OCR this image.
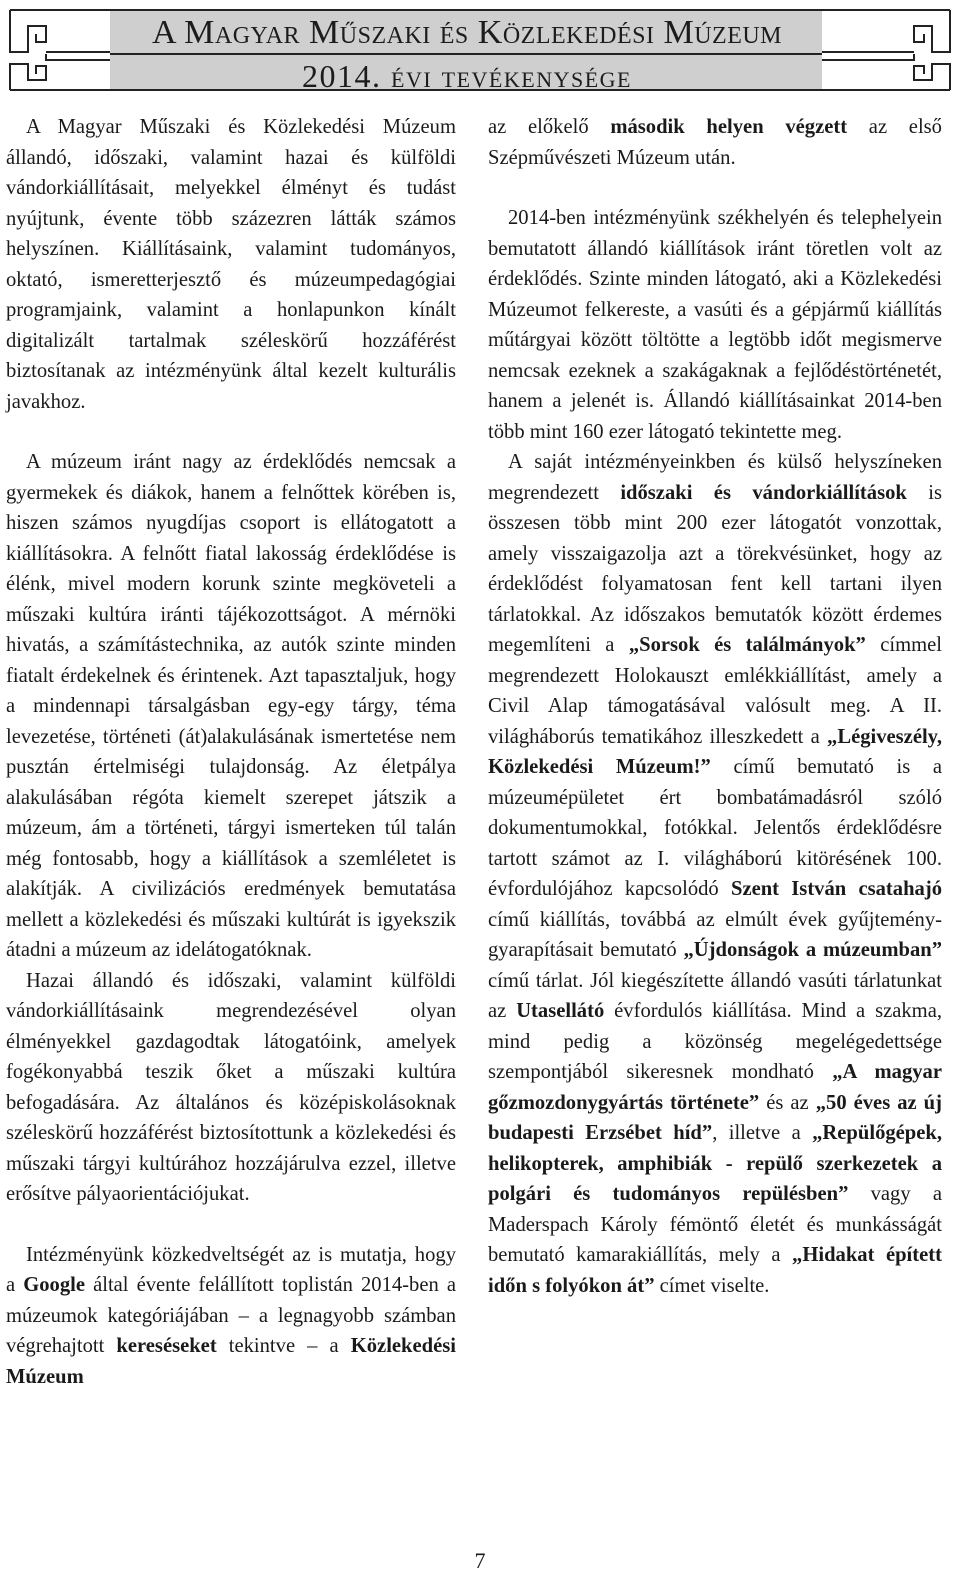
A Magyar Műszaki és Közlekedési Múzeum
2014. évi tevékenysége

A Magyar Műszaki és Közlekedési Múzeum állandó, időszaki, valamint hazai és külföldi vándorkiállításait, melyekkel élményt és tudást nyújtunk, évente több százezren látták számos helyszínen. Kiállításaink, valamint tudományos, oktató, ismeretterjesztő és múzeumpedagógiai programjaink, valamint a honlapunkon kínált digitalizált tartalmak széleskörű hozzáférést biztosítanak az intézményünk által kezelt kulturális javakhoz.

A múzeum iránt nagy az érdeklődés nemcsak a gyermekek és diákok, hanem a felnőttek körében is, hiszen számos nyugdíjas csoport is ellátogatott a kiállításokra. A felnőtt fiatal lakosság érdeklődése is élénk, mivel modern korunk szinte megköveteli a műszaki kultúra iránti tájékozottságot. A mérnöki hivatás, a számítástechnika, az autók szinte minden fiatalt érdekelnek és érintenek. Azt tapasztaljuk, hogy a mindennapi társalgásban egy-egy tárgy, téma levezetése, történeti (át)alakulásának ismertetése nem pusztán értelmiségi tulajdonság. Az életpálya alakulásában régóta kiemelt szerepet játszik a múzeum, ám a történeti, tárgyi ismerteken túl talán még fontosabb, hogy a kiállítások a szemléletet is alakítják. A civilizációs eredmények bemutatása mellett a közlekedési és műszaki kultúrát is igyekszik átadni a múzeum az idelátogatóknak.

Hazai állandó és időszaki, valamint külföldi vándorkiállításaink megrendezésével olyan élményekkel gazdagodtak látogatóink, amelyek fogékonyabbá teszik őket a műszaki kultúra befogadására. Az általános és középiskolásoknak széleskörű hozzáférést biztosítottunk a közlekedési és műszaki tárgyi kultúrához hozzájárulva ezzel, illetve erősítve pályaorientációjukat.

Intézményünk közkedveltségét az is mutatja, hogy a Google által évente felállított toplistán 2014-ben a múzeumok kategóriájában – a legnagyobb számban végrehajtott kereséseket tekintve – a Közlekedési Múzeum

az előkelő második helyen végzett az első Szépművészeti Múzeum után.

2014-ben intézményünk székhelyén és telephelyein bemutatott állandó kiállítások iránt töretlen volt az érdeklődés. Szinte minden látogató, aki a Közlekedési Múzeumot felkereste, a vasúti és a gépjármű kiállítás műtárgyai között töltötte a legtöbb időt megismerve nemcsak ezeknek a szakágaknak a fejlődéstörténetét, hanem a jelenét is. Állandó kiállításainkat 2014-ben több mint 160 ezer látogató tekintette meg.

A saját intézményeinkben és külső helyszíneken megrendezett időszaki és vándorkiállítások is összesen több mint 200 ezer látogatót vonzottak, amely visszaigazolja azt a törekvésünket, hogy az érdeklődést folyamatosan fent kell tartani ilyen tárlatokkal. Az időszakos bemutatók között érdemes megemlíteni a „Sorsok és találmányok” címmel megrendezett Holokauszt emlékkiállítást, amely a Civil Alap támogatásával valósult meg. A II. világháborús tematikához illeszkedett a „Légiveszély, Közlekedési Múzeum!” című bemutató is a múzeumépületet ért bombatámadásról szóló dokumentumokkal, fotókkal. Jelentős érdeklődésre tartott számot az I. világháború kitörésének 100. évfordulójához kapcsolódó Szent István csatahajó című kiállítás, továbbá az elmúlt évek gyűjtemény-gyarapításait bemutató „Újdonságok a múzeumban” című tárlat. Jól kiegészítette állandó vasúti tárlatunkat az Utasellátó évfordulós kiállítása. Mind a szakma, mind pedig a közönség megelégedettsége szempontjából sikeresnek mondható „A magyar gőzmozdonygyártás története” és az „50 éves az új budapesti Erzsébet híd”, illetve a „Repülőgépek, helikopterek, amphibiák - repülő szerkezetek a polgári és tudományos repülésben” vagy a Maderspach Károly fémöntő életét és munkásságát bemutató kamarakiállítás, mely a „Hidakat épített időn s folyókon át” címet viselte.

7
